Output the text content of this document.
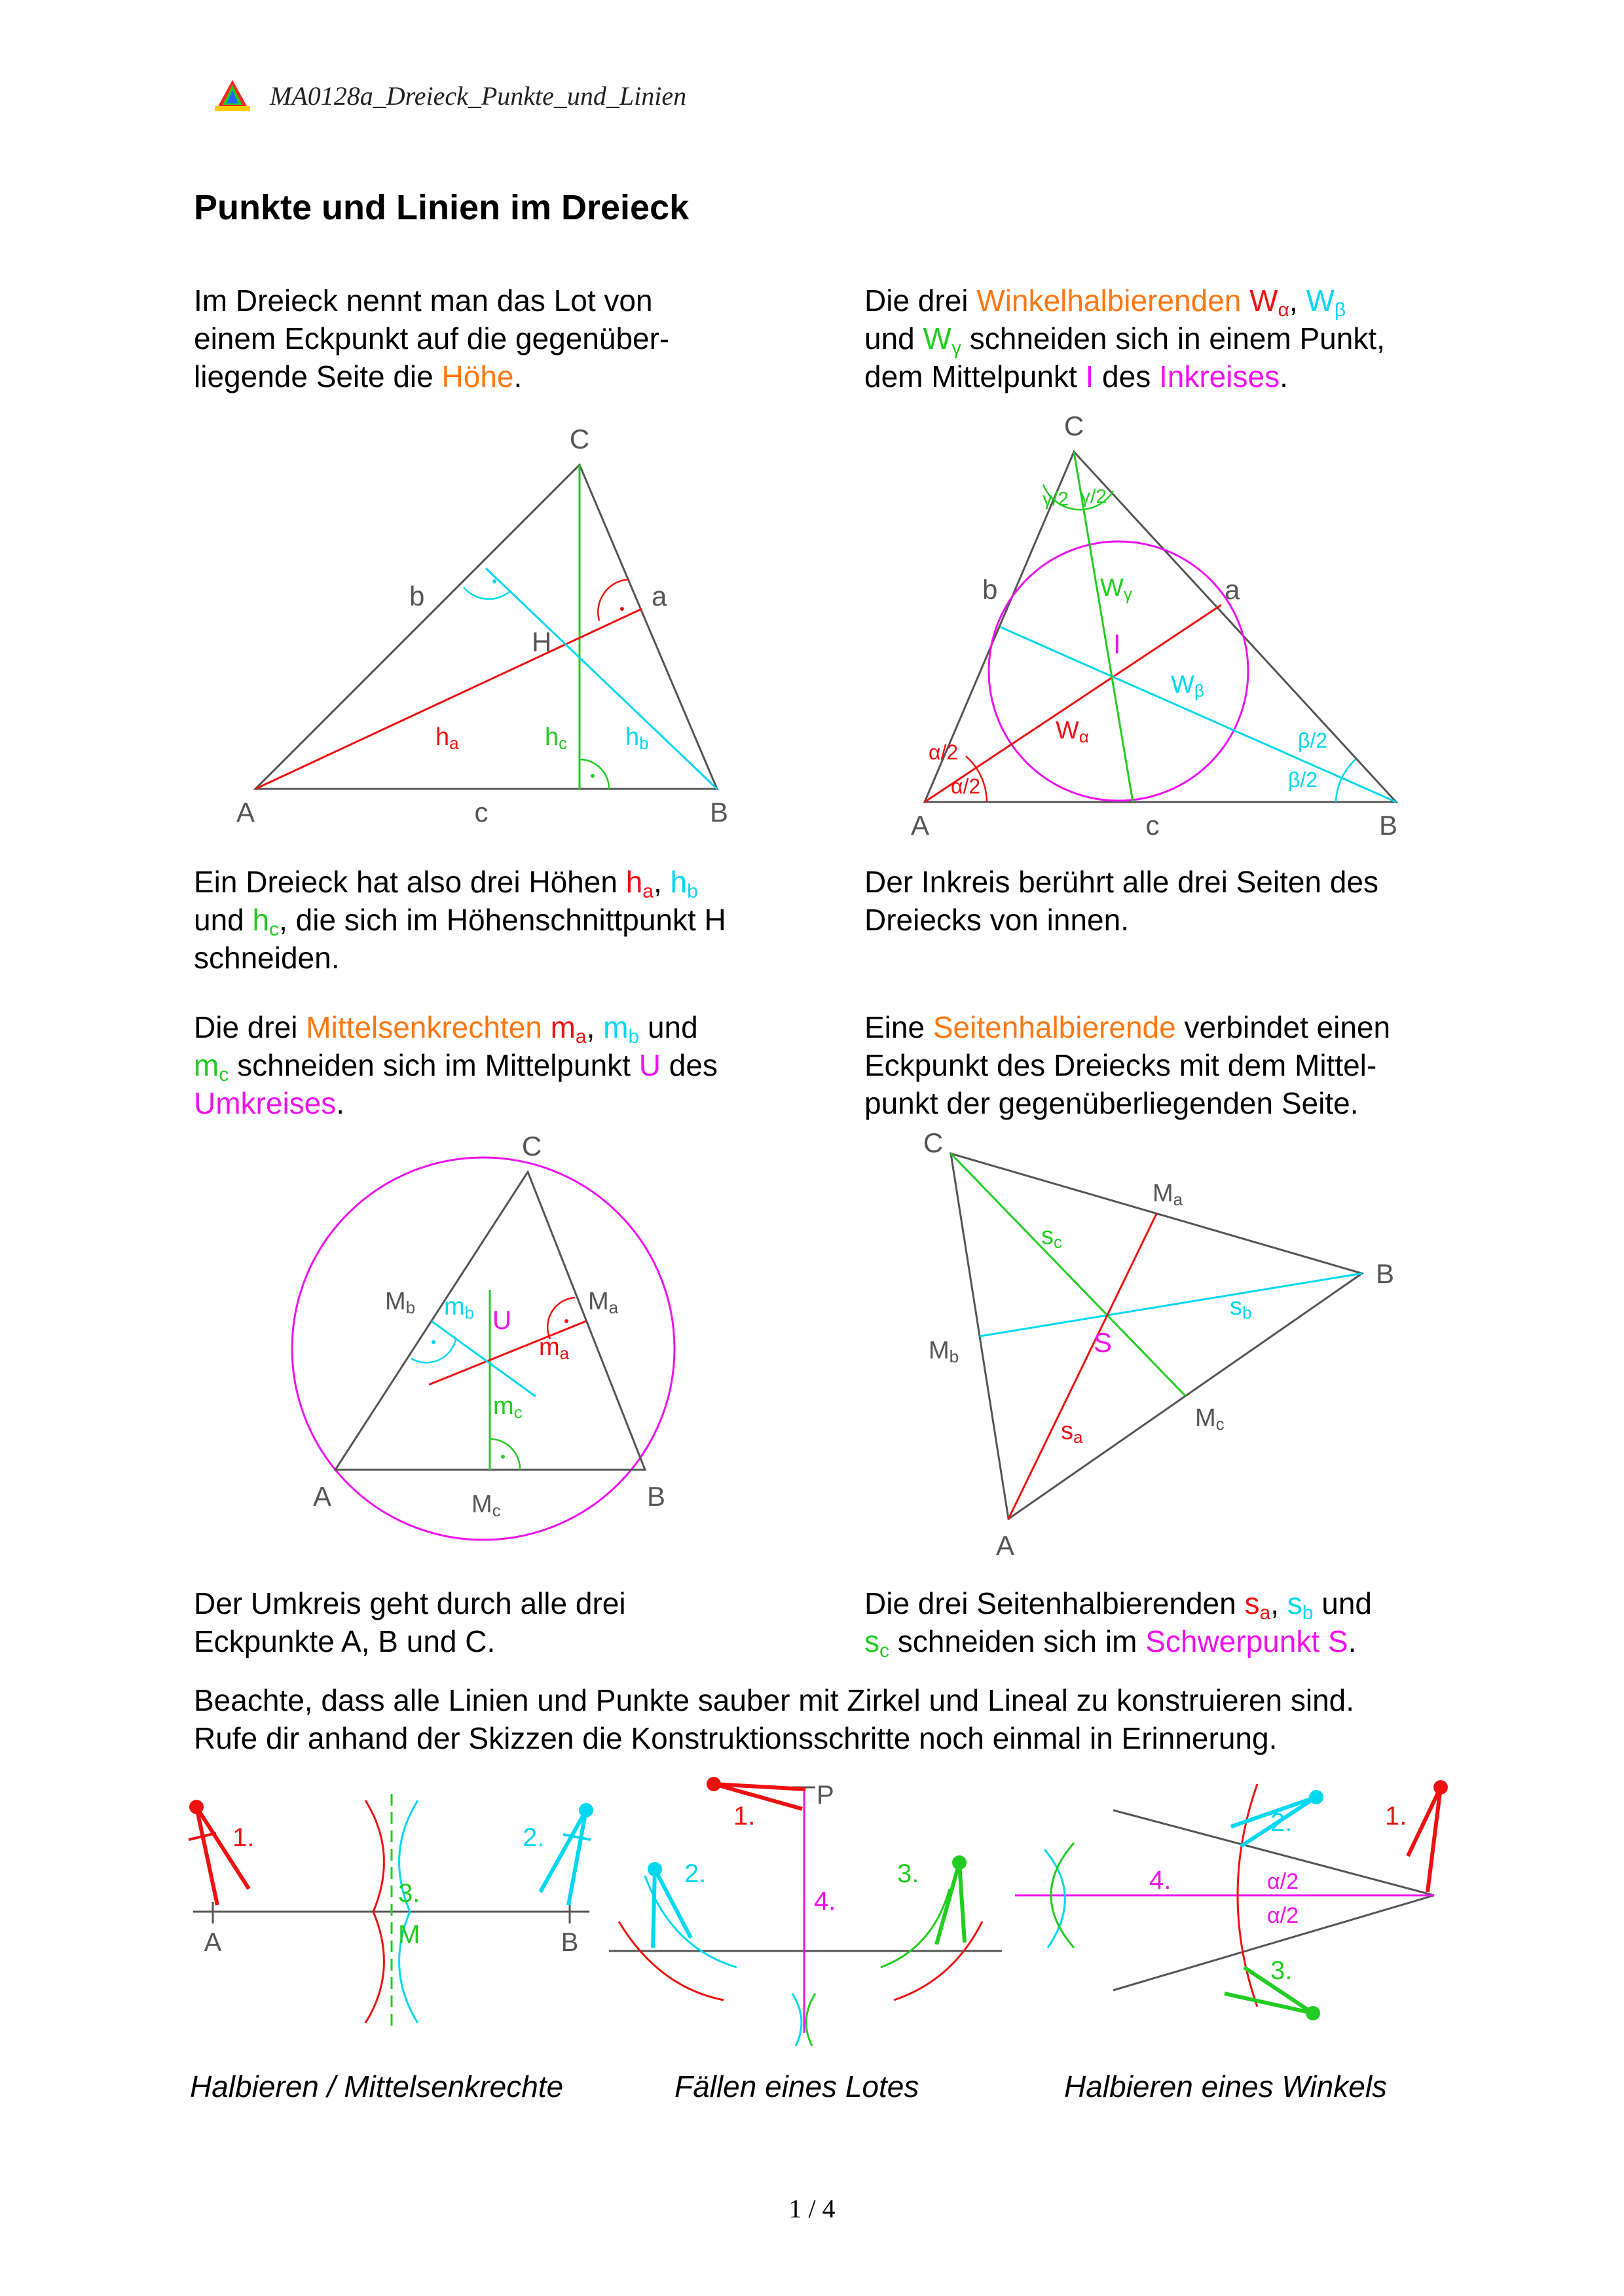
MA0128a_Dreieck_Punkte_und_Linien
Punkte und Linien im Dreieck
Im Dreieck nennt man das Lot von
einem Eckpunkt auf die gegenüber-
liegende Seite die Höhe.
Die drei Winkelhalbierenden $W_\alpha$, $W_\beta$
und $W_\gamma$ schneiden sich in einem Punkt,
dem Mittelpunkt I des Inkreises.
C
A	B
b	a
c
H
ha	hc hb
C
A	B
b	a
c
I
γ/2 γ/2
α/2
α/2
β/2
β/2
Wγ
Wβ
Wα
Ein Dreieck hat also drei Höhen $h_a$, $h_b$
und $h_c$, die sich im Höhenschnittpunkt H
schneiden.
Der Inkreis berührt alle drei Seiten des
Dreiecks von innen.
Die drei Mittelsenkrechten $m_a$, $m_b$ und
$m_c$ schneiden sich im Mittelpunkt U des
Umkreises.
Eine Seitenhalbierende verbindet einen
Eckpunkt des Dreiecks mit dem Mittel-
punkt der gegenüberliegenden Seite.
C
A	B
Mc
Ma
Mb	U
ma
mb
mc
C
B
A
Ma
Mb
Mc
S
sc
sb
sa
Der Umkreis geht durch alle drei
Eckpunkte A, B und C.
Die drei Seitenhalbierenden $s_a$, $s_b$ und
$s_c$ schneiden sich im Schwerpunkt S.
Beachte, dass alle Linien und Punkte sauber mit Zirkel und Lineal zu konstruieren sind.
Rufe dir anhand der Skizzen die Konstruktionsschritte noch einmal in Erinnerung.
1.	2.
3.
M
A	B
P
1.
2.	3.
4.
1.
2.
3.
4.	α/2
α/2
Halbieren / Mittelsenkrechte	Fällen eines Lotes	Halbieren eines Winkels
1 / 4
